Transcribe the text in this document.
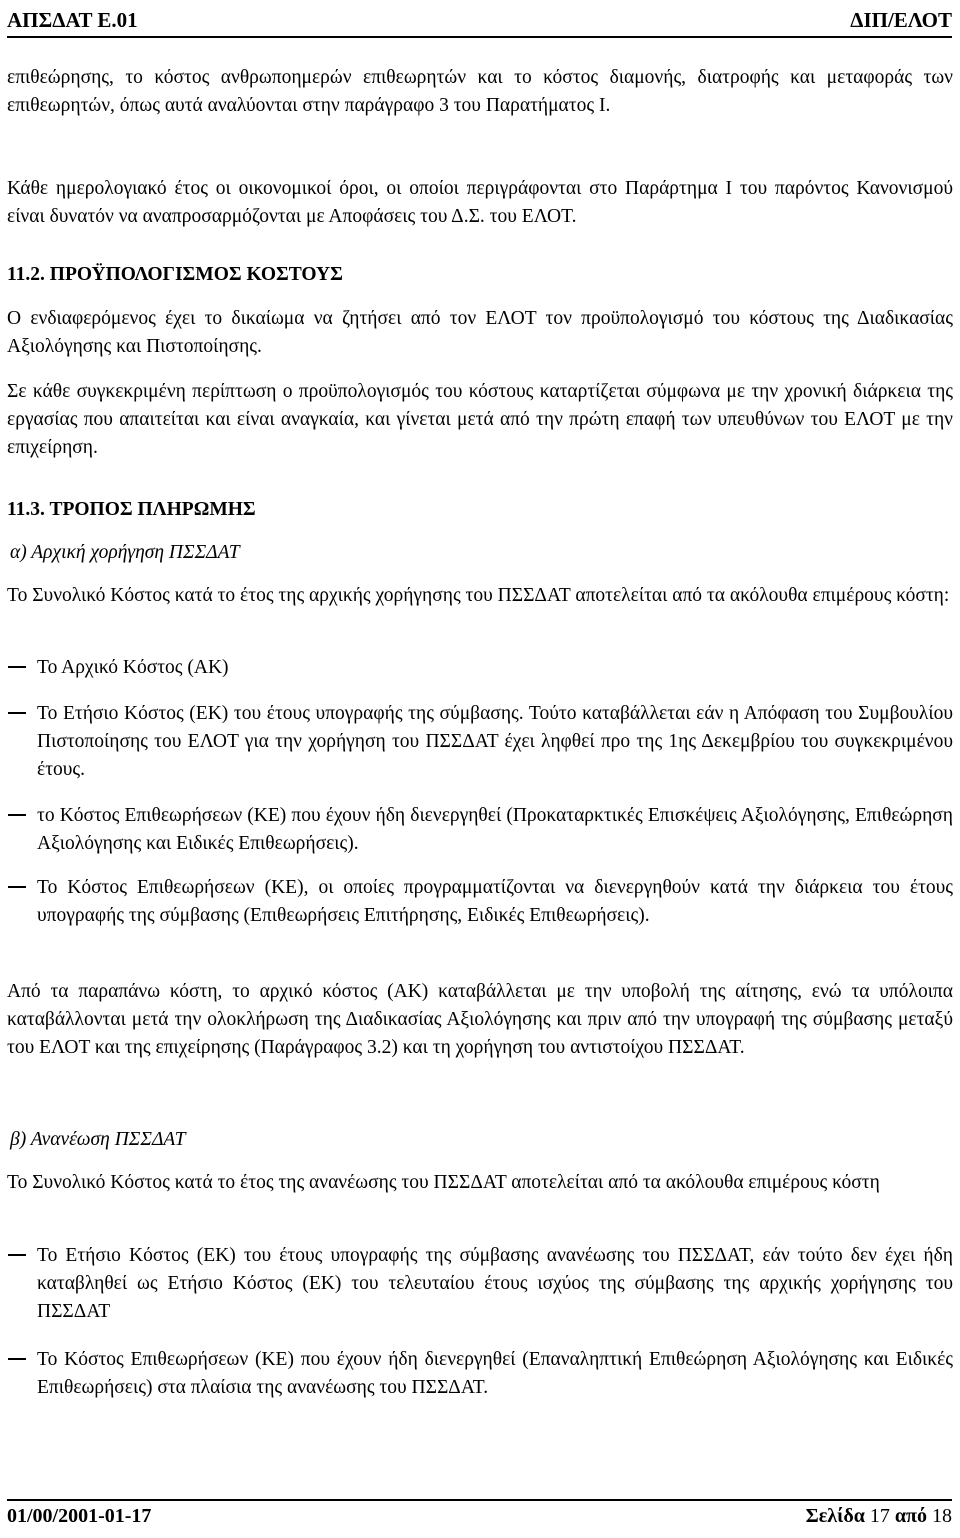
ΑΠΣΔΑΤ Ε.01	ΔΙΠ/ΕΛΟΤ

επιθεώρησης, το κόστος ανθρωποημερών επιθεωρητών και το κόστος διαμονής, διατροφής και μεταφοράς των επιθεωρητών, όπως αυτά αναλύονται στην παράγραφο 3 του Παρατήματος Ι.

Κάθε ημερολογιακό έτος οι οικονομικοί όροι, οι οποίοι περιγράφονται στο Παράρτημα Ι του παρόντος Κανονισμού είναι δυνατόν να αναπροσαρμόζονται με Αποφάσεις του Δ.Σ. του ΕΛΟΤ.

11.2. ΠΡΟΫΠΟΛΟΓΙΣΜΟΣ ΚΟΣΤΟΥΣ

Ο ενδιαφερόμενος έχει το δικαίωμα να ζητήσει από τον ΕΛΟΤ τον προϋπολογισμό του κόστους της Διαδικασίας Αξιολόγησης και Πιστοποίησης.

Σε κάθε συγκεκριμένη περίπτωση ο προϋπολογισμός του κόστους καταρτίζεται σύμφωνα με την χρονική διάρκεια της εργασίας που απαιτείται και είναι αναγκαία, και γίνεται μετά από την πρώτη επαφή των υπευθύνων του ΕΛΟΤ με την επιχείρηση.

11.3. ΤΡΟΠΟΣ ΠΛΗΡΩΜΗΣ

α) Αρχική χορήγηση ΠΣΣΔΑΤ

Το Συνολικό Κόστος κατά το έτος της αρχικής χορήγησης του ΠΣΣΔΑΤ αποτελείται από τα ακόλουθα επιμέρους κόστη:

Το Αρχικό Κόστος (ΑΚ)

Το Ετήσιο Κόστος (ΕΚ) του έτους υπογραφής της σύμβασης. Τούτο καταβάλλεται εάν η Απόφαση του Συμβουλίου Πιστοποίησης του ΕΛΟΤ για την χορήγηση του ΠΣΣΔΑΤ έχει ληφθεί προ της 1ης Δεκεμβρίου του συγκεκριμένου έτους.

το Κόστος Επιθεωρήσεων (ΚΕ) που έχουν ήδη διενεργηθεί (Προκαταρκτικές Επισκέψεις Αξιολόγησης, Επιθεώρηση Αξιολόγησης και Ειδικές Επιθεωρήσεις).

Το Κόστος Επιθεωρήσεων (ΚΕ), οι οποίες προγραμματίζονται να διενεργηθούν κατά την διάρκεια του έτους υπογραφής της σύμβασης (Επιθεωρήσεις Επιτήρησης, Ειδικές Επιθεωρήσεις).

Από τα παραπάνω κόστη, το αρχικό κόστος (ΑΚ) καταβάλλεται με την υποβολή της αίτησης, ενώ τα υπόλοιπα καταβάλλονται μετά την ολοκλήρωση της Διαδικασίας Αξιολόγησης και πριν από την υπογραφή της σύμβασης μεταξύ του ΕΛΟΤ και της επιχείρησης (Παράγραφος 3.2) και τη χορήγηση του αντιστοίχου ΠΣΣΔΑΤ.

β) Ανανέωση ΠΣΣΔΑΤ

Το Συνολικό Κόστος κατά το έτος της ανανέωσης του ΠΣΣΔΑΤ αποτελείται από τα ακόλουθα επιμέρους κόστη

Το Ετήσιο Κόστος (ΕΚ) του έτους υπογραφής της σύμβασης ανανέωσης του ΠΣΣΔΑΤ, εάν τούτο δεν έχει ήδη καταβληθεί ως Ετήσιο Κόστος (ΕΚ) του τελευταίου έτους ισχύος της σύμβασης της αρχικής χορήγησης του ΠΣΣΔΑΤ

Το Κόστος Επιθεωρήσεων (ΚΕ) που έχουν ήδη διενεργηθεί (Επαναληπτική Επιθεώρηση Αξιολόγησης και Ειδικές Επιθεωρήσεις) στα πλαίσια της ανανέωσης του ΠΣΣΔΑΤ.

01/00/2001-01-17	Σελίδα 17 από 18
